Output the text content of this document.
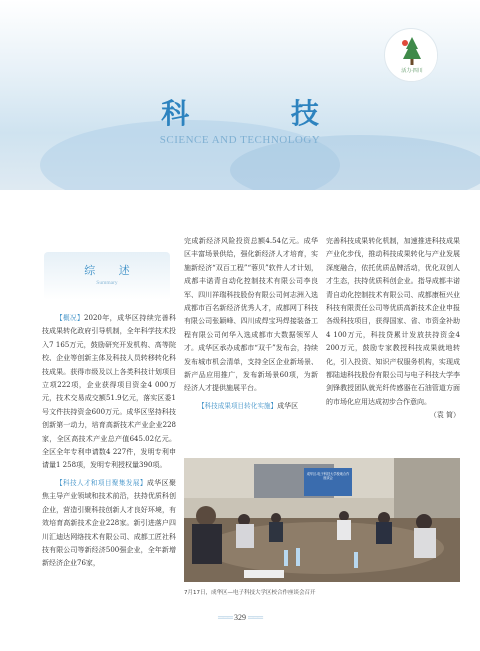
活力·四川
科 技
SCIENCE AND TECHNOLOGY
综 述
Summary

【概况】2020年，成华区持续完善科技成果转化政府引导机制，全年科学技术投入7 165万元，鼓励研究开发机构、高等院校、企业等创新主体及科技人员转移转化科技成果。获得市级及以上各类科技计划项目立项222项，企业获得项目资金4 000万元，技术交易成交额51.9亿元，落实区委1号文件扶持资金600万元。成华区坚持科技创新第一动力，培育高新技术产业企业228家，全区高技术产业总产值645.02亿元。全区全年专利申请数4 227件，发明专利申请量1 258项，发明专利授权量390项。

【科技人才和项目聚集发展】成华区聚焦主导产业领域和技术前沿，扶持优质科创企业，营造引聚科技创新人才良好环境，有效培育高新技术企业228家。新引进落户四川汇迪达网络技术有限公司、成都工匠社科技有限公司等新经济500强企业，全年新增新经济企业76家，

完成新经济风险投资总额4.54亿元。成华区丰富场景供给，强化新经济人才培育，实施新经济“双百工程”“蓉贝”软件人才计划，成都丰诺青自动化控制技术有限公司李良军、四川祥瑞科技股份有限公司何志洲入选成都市百名新经济优秀人才，成都网丁科技有限公司张颖峰、四川成焊宝玛焊接装备工程有限公司何华入选成都市大数据领军人才。成华区承办成都市“双千”发布会，持续发布城市机会清单，支持全区企业新场景、新产品应用推广，发布新场景60项，为新经济人才提供施展平台。

【科技成果项目转化实施】成华区

完善科技成果转化机制，加速推进科技成果产业化步伐，推动科技成果转化与产业发展深度融合，依托优质品牌活动，优化双创人才生态，扶持优质科创企业。指导成都丰诺青自动化控制技术有限公司、成都康桓兴业科技有限责任公司等优质高新技术企业申报各级科技项目，获得国家、省、市资金补助4 100万元，科技贷累计发放扶持资金4 200万元，鼓励专家教授科技成果就地转化，引入投资、知识产权服务机构，实现成都陆迪科技股份有限公司与电子科技大学李剑锋教授团队就光纤传感器在石油管道方面的市场化应用达成初步合作意向。
（袁 简）

成华区-电子科技大学校地合作座谈会
7月17日，成华区—电子科技大学区校合作座谈会召开
═══ 329 ═══
